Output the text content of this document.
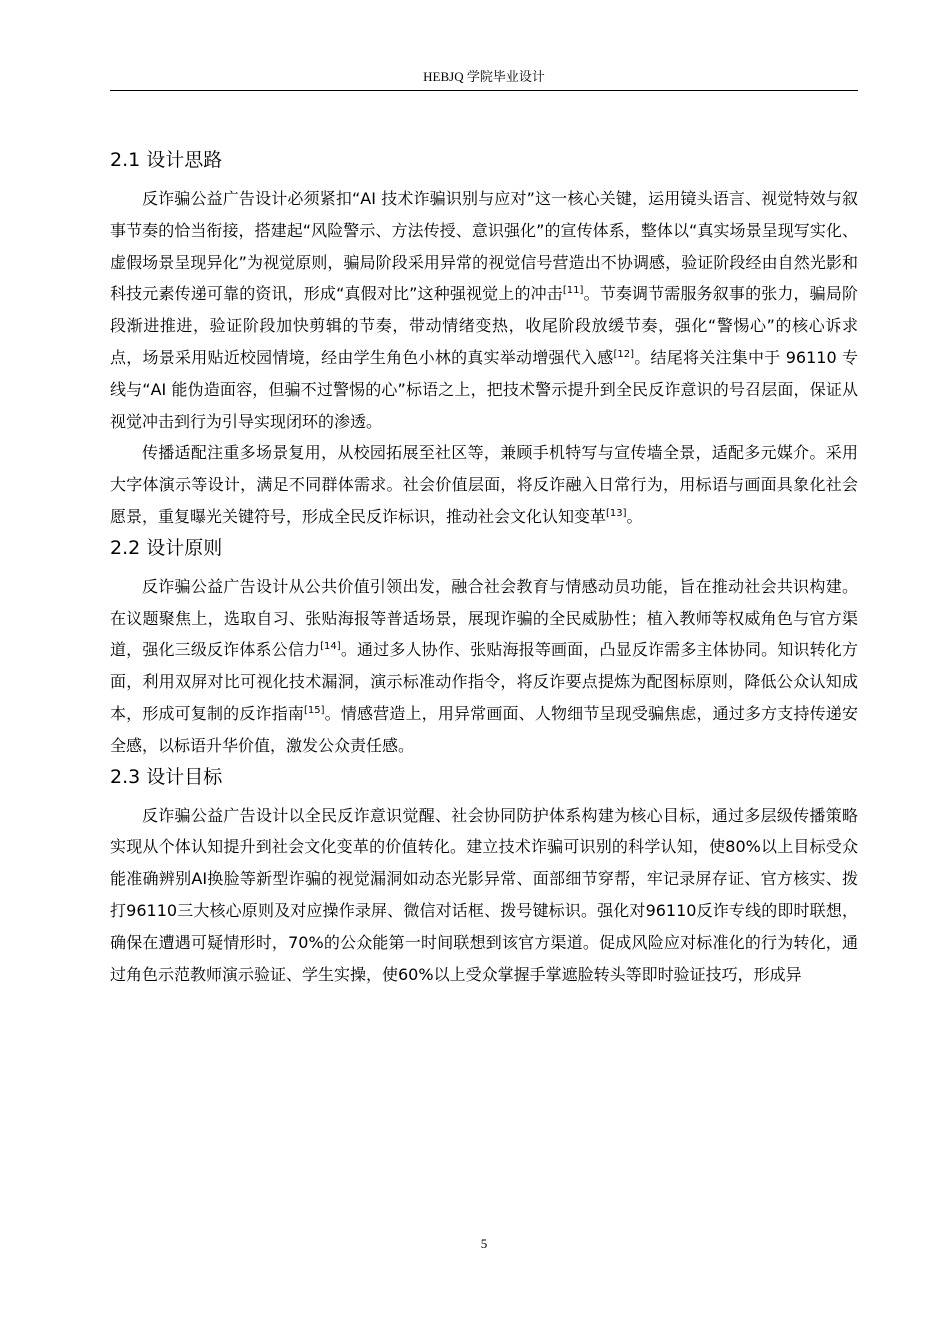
HEBJQ 学院毕业设计
2.1 设计思路

反诈骗公益广告设计必须紧扣“AI 技术诈骗识别与应对”这一核心关键，运用镜头语言、视觉特效与叙事节奏的恰当衔接，搭建起“风险警示、方法传授、意识强化”的宣传体系，整体以“真实场景呈现写实化、虚假场景呈现异化”为视觉原则，骗局阶段采用异常的视觉信号营造出不协调感，验证阶段经由自然光影和科技元素传递可靠的资讯，形成“真假对比”这种强视觉上的冲击[11]。节奏调节需服务叙事的张力，骗局阶段渐进推进，验证阶段加快剪辑的节奏，带动情绪变热，收尾阶段放缓节奏，强化“警惕心”的核心诉求点，场景采用贴近校园情境，经由学生角色小林的真实举动增强代入感[12]。结尾将关注集中于 96110 专线与“AI 能伪造面容，但骗不过警惕的心”标语之上，把技术警示提升到全民反诈意识的号召层面，保证从视觉冲击到行为引导实现闭环的渗透。

传播适配注重多场景复用，从校园拓展至社区等，兼顾手机特写与宣传墙全景，适配多元媒介。采用大字体演示等设计，满足不同群体需求。社会价值层面，将反诈融入日常行为，用标语与画面具象化社会愿景，重复曝光关键符号，形成全民反诈标识，推动社会文化认知变革[13]。

2.2 设计原则

反诈骗公益广告设计从公共价值引领出发，融合社会教育与情感动员功能，旨在推动社会共识构建。在议题聚焦上，选取自习、张贴海报等普适场景，展现诈骗的全民威胁性；植入教师等权威角色与官方渠道，强化三级反诈体系公信力[14]。通过多人协作、张贴海报等画面，凸显反诈需多主体协同。知识转化方面，利用双屏对比可视化技术漏洞，演示标准动作指令，将反诈要点提炼为配图标原则，降低公众认知成本，形成可复制的反诈指南[15]。情感营造上，用异常画面、人物细节呈现受骗焦虑，通过多方支持传递安全感，以标语升华价值，激发公众责任感。

2.3 设计目标

反诈骗公益广告设计以全民反诈意识觉醒、社会协同防护体系构建为核心目标，通过多层级传播策略实现从个体认知提升到社会文化变革的价值转化。建立技术诈骗可识别的科学认知，使80%以上目标受众能准确辨别AI换脸等新型诈骗的视觉漏洞如动态光影异常、面部细节穿帮，牢记录屏存证、官方核实、拨打96110三大核心原则及对应操作录屏、微信对话框、拨号键标识。强化对96110反诈专线的即时联想，确保在遭遇可疑情形时，70%的公众能第一时间联想到该官方渠道。促成风险应对标准化的行为转化，通过角色示范教师演示验证、学生实操，使60%以上受众掌握手掌遮脸转头等即时验证技巧，形成异

5
